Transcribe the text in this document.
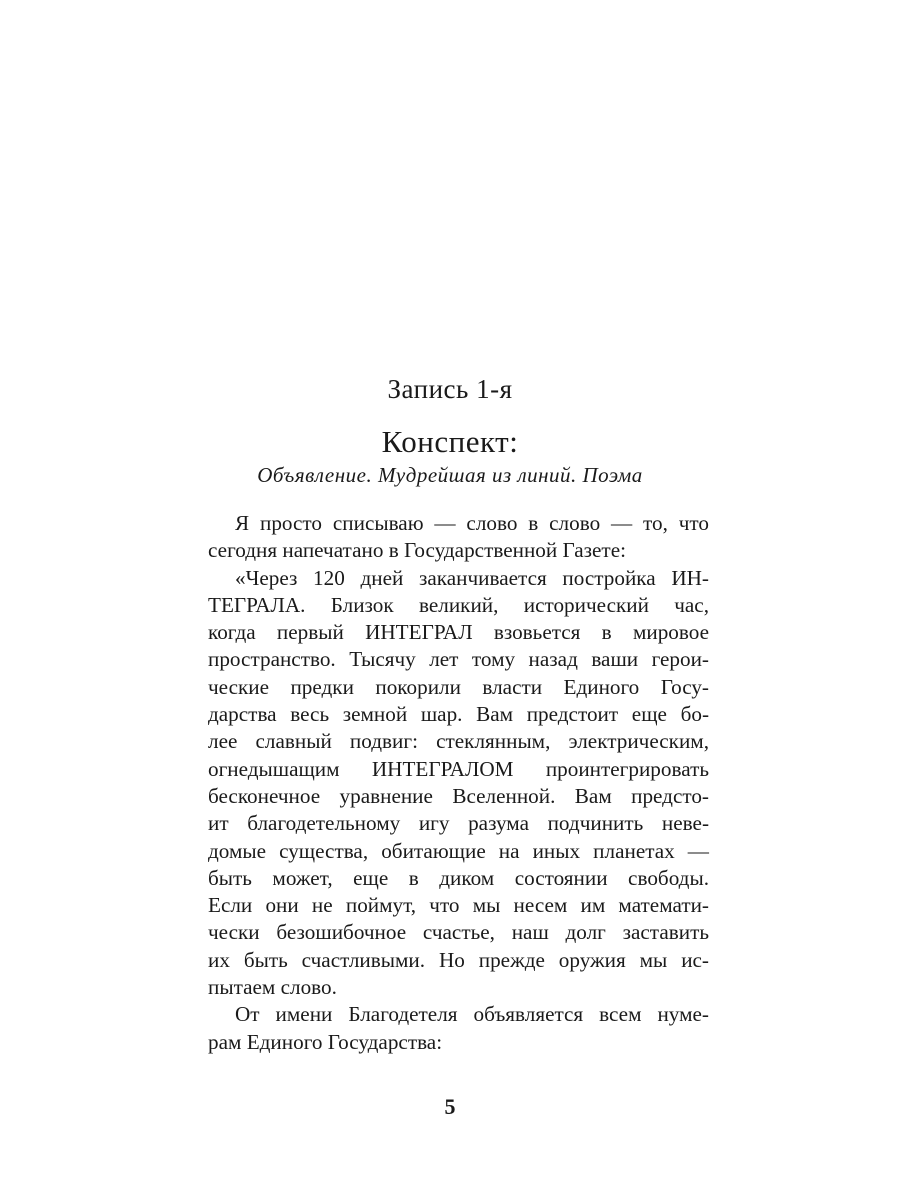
Запись 1-я
Конспект:
Объявление. Мудрейшая из линий. Поэма
Я просто списываю — слово в слово — то, что
сегодня напечатано в Государственной Газете:
«Через 120 дней заканчивается постройка ИН-
ТЕГРАЛА. Близок великий, исторический час,
когда первый ИНТЕГРАЛ взовьется в мировое
пространство. Тысячу лет тому назад ваши герои-
ческие предки покорили власти Единого Госу-
дарства весь земной шар. Вам предстоит еще бо-
лее славный подвиг: стеклянным, электрическим,
огнедышащим ИНТЕГРАЛОМ проинтегрировать
бесконечное уравнение Вселенной. Вам предсто-
ит благодетельному игу разума подчинить неве-
домые существа, обитающие на иных планетах —
быть может, еще в диком состоянии свободы.
Если они не поймут, что мы несем им математи-
чески безошибочное счастье, наш долг заставить
их быть счастливыми. Но прежде оружия мы ис-
пытаем слово.
От имени Благодетеля объявляется всем нуме-
рам Единого Государства:
5
